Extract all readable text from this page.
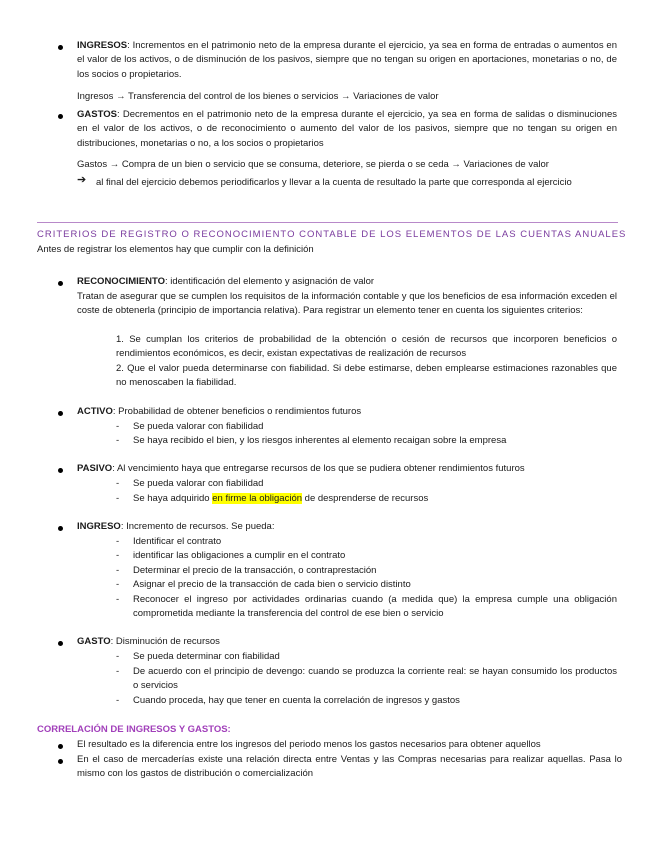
INGRESOS: Incrementos en el patrimonio neto de la empresa durante el ejercicio, ya sea en forma de entradas o aumentos en el valor de los activos, o de disminución de los pasivos, siempre que no tengan su origen en aportaciones, monetarias o no, de los socios o propietarios.
Ingresos → Transferencia del control de los bienes o servicios → Variaciones de valor
GASTOS: Decrementos en el patrimonio neto de la empresa durante el ejercicio, ya sea en forma de salidas o disminuciones en el valor de los activos, o de reconocimiento o aumento del valor de los pasivos, siempre que no tengan su origen en distribuciones, monetarias o no, a los socios o propietarios
Gastos → Compra de un bien o servicio que se consuma, deteriore, se pierda o se ceda → Variaciones de valor
➔ al final del ejercicio debemos periodificarlos y llevar a la cuenta de resultado la parte que corresponda al ejercicio
CRITERIOS DE REGISTRO O RECONOCIMIENTO CONTABLE DE LOS ELEMENTOS DE LAS CUENTAS ANUALES
Antes de registrar los elementos hay que cumplir con la definición
RECONOCIMIENTO: identificación del elemento y asignación de valor
Tratan de asegurar que se cumplen los requisitos de la información contable y que los beneficios de esa información exceden el coste de obtenerla (principio de importancia relativa). Para registrar un elemento tener en cuenta los siguientes criterios:
1. Se cumplan los criterios de probabilidad de la obtención o cesión de recursos que incorporen beneficios o rendimientos económicos, es decir, existan expectativas de realización de recursos
2. Que el valor pueda determinarse con fiabilidad. Si debe estimarse, deben emplearse estimaciones razonables que no menoscaben la fiabilidad.
ACTIVO: Probabilidad de obtener beneficios o rendimientos futuros
- Se pueda valorar con fiabilidad
- Se haya recibido el bien, y los riesgos inherentes al elemento recaigan sobre la empresa
PASIVO: Al vencimiento haya que entregarse recursos de los que se pudiera obtener rendimientos futuros
- Se pueda valorar con fiabilidad
- Se haya adquirido en firme la obligación de desprenderse de recursos
INGRESO: Incremento de recursos. Se pueda:
- Identificar el contrato
- identificar las obligaciones a cumplir en el contrato
- Determinar el precio de la transacción, o contraprestación
- Asignar el precio de la transacción de cada bien o servicio distinto
- Reconocer el ingreso por actividades ordinarias cuando (a medida que) la empresa cumple una obligación comprometida mediante la transferencia del control de ese bien o servicio
GASTO: Disminución de recursos
- Se pueda determinar con fiabilidad
- De acuerdo con el principio de devengo: cuando se produzca la corriente real: se hayan consumido los productos o servicios
- Cuando proceda, hay que tener en cuenta la correlación de ingresos y gastos
CORRELACIÓN DE INGRESOS Y GASTOS:
El resultado es la diferencia entre los ingresos del periodo menos los gastos necesarios para obtener aquellos
En el caso de mercaderías existe una relación directa entre Ventas y las Compras necesarias para realizar aquellas. Pasa lo mismo con los gastos de distribución o comercialización
